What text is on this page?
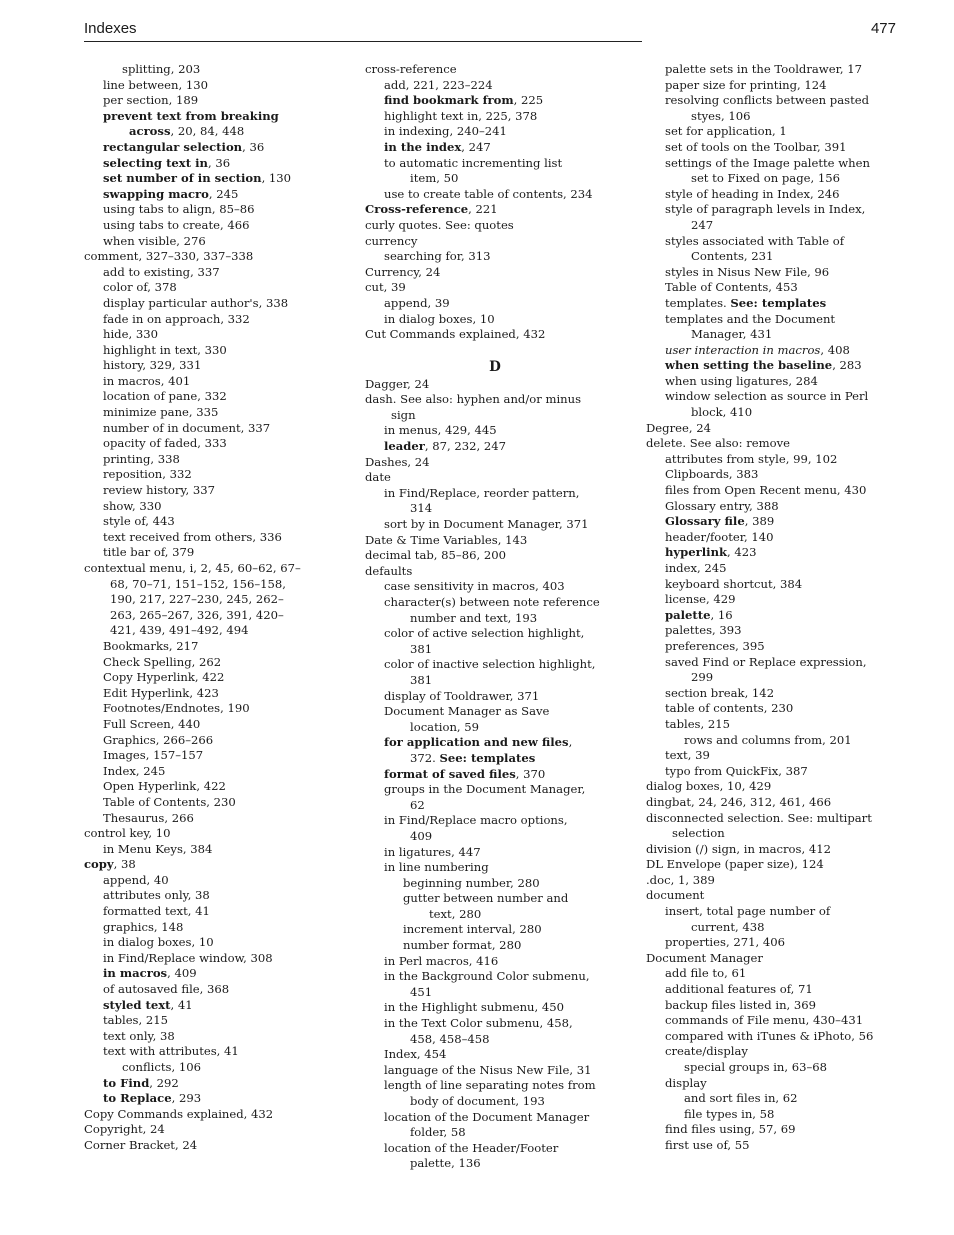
Indexes	477
splitting, 203
line between, 130
per section, 189
prevent text from breaking
across, 20, 84, 448
rectangular selection, 36
selecting text in, 36
set number of in section, 130
swapping macro, 245
using tabs to align, 85–86
using tabs to create, 466
when visible, 276
comment, 327–330, 337–338
add to existing, 337
color of, 378
display particular author's, 338
fade in on approach, 332
hide, 330
highlight in text, 330
history, 329, 331
in macros, 401
location of pane, 332
minimize pane, 335
number of in document, 337
opacity of faded, 333
printing, 338
reposition, 332
review history, 337
show, 330
style of, 443
text received from others, 336
title bar of, 379
contextual menu, i, 2, 45, 60–62, 67–
68, 70–71, 151–152, 156–158,
190, 217, 227–230, 245, 262–
263, 265–267, 326, 391, 420–
421, 439, 491–492, 494
Bookmarks, 217
Check Spelling, 262
Copy Hyperlink, 422
Edit Hyperlink, 423
Footnotes/Endnotes, 190
Full Screen, 440
Graphics, 266–266
Images, 157–157
Index, 245
Open Hyperlink, 422
Table of Contents, 230
Thesaurus, 266
control key, 10
in Menu Keys, 384
copy, 38
append, 40
attributes only, 38
formatted text, 41
graphics, 148
in dialog boxes, 10
in Find/Replace window, 308
in macros, 409
of autosaved file, 368
styled text, 41
tables, 215
text only, 38
text with attributes, 41
conflicts, 106
to Find, 292
to Replace, 293
Copy Commands explained, 432
Copyright, 24
Corner Bracket, 24
cross-reference
add, 221, 223–224
find bookmark from, 225
highlight text in, 225, 378
in indexing, 240–241
in the index, 247
to automatic incrementing list
item, 50
use to create table of contents, 234
Cross-reference, 221
curly quotes. See: quotes
currency
searching for, 313
Currency, 24
cut, 39
append, 39
in dialog boxes, 10
Cut Commands explained, 432
D
Dagger, 24
dash. See also: hyphen and/or minus
sign
in menus, 429, 445
leader, 87, 232, 247
Dashes, 24
date
in Find/Replace, reorder pattern,
314
sort by in Document Manager, 371
Date & Time Variables, 143
decimal tab, 85–86, 200
defaults
case sensitivity in macros, 403
character(s) between note reference
number and text, 193
color of active selection highlight,
381
color of inactive selection highlight,
381
display of Tooldrawer, 371
Document Manager as Save
location, 59
for application and new files,
372. See: templates
format of saved files, 370
groups in the Document Manager,
62
in Find/Replace macro options,
409
in ligatures, 447
in line numbering
beginning number, 280
gutter between number and
text, 280
increment interval, 280
number format, 280
in Perl macros, 416
in the Background Color submenu,
451
in the Highlight submenu, 450
in the Text Color submenu, 458,
458, 458–458
Index, 454
language of the Nisus New File, 31
length of line separating notes from
body of document, 193
location of the Document Manager
folder, 58
location of the Header/Footer
palette, 136
palette sets in the Tooldrawer, 17
paper size for printing, 124
resolving conflicts between pasted
styes, 106
set for application, 1
set of tools on the Toolbar, 391
settings of the Image palette when
set to Fixed on page, 156
style of heading in Index, 246
style of paragraph levels in Index,
247
styles associated with Table of
Contents, 231
styles in Nisus New File, 96
Table of Contents, 453
templates. See: templates
templates and the Document
Manager, 431
user interaction in macros, 408
when setting the baseline, 283
when using ligatures, 284
window selection as source in Perl
block, 410
Degree, 24
delete. See also: remove
attributes from style, 99, 102
Clipboards, 383
files from Open Recent menu, 430
Glossary entry, 388
Glossary file, 389
header/footer, 140
hyperlink, 423
index, 245
keyboard shortcut, 384
license, 429
palette, 16
palettes, 393
preferences, 395
saved Find or Replace expression,
299
section break, 142
table of contents, 230
tables, 215
rows and columns from, 201
text, 39
typo from QuickFix, 387
dialog boxes, 10, 429
dingbat, 24, 246, 312, 461, 466
disconnected selection. See: multipart
selection
division (/) sign, in macros, 412
DL Envelope (paper size), 124
.doc, 1, 389
document
insert, total page number of
current, 438
properties, 271, 406
Document Manager
add file to, 61
additional features of, 71
backup files listed in, 369
commands of File menu, 430–431
compared with iTunes & iPhoto, 56
create/display
special groups in, 63–68
display
and sort files in, 62
file types in, 58
find files using, 57, 69
first use of, 55
